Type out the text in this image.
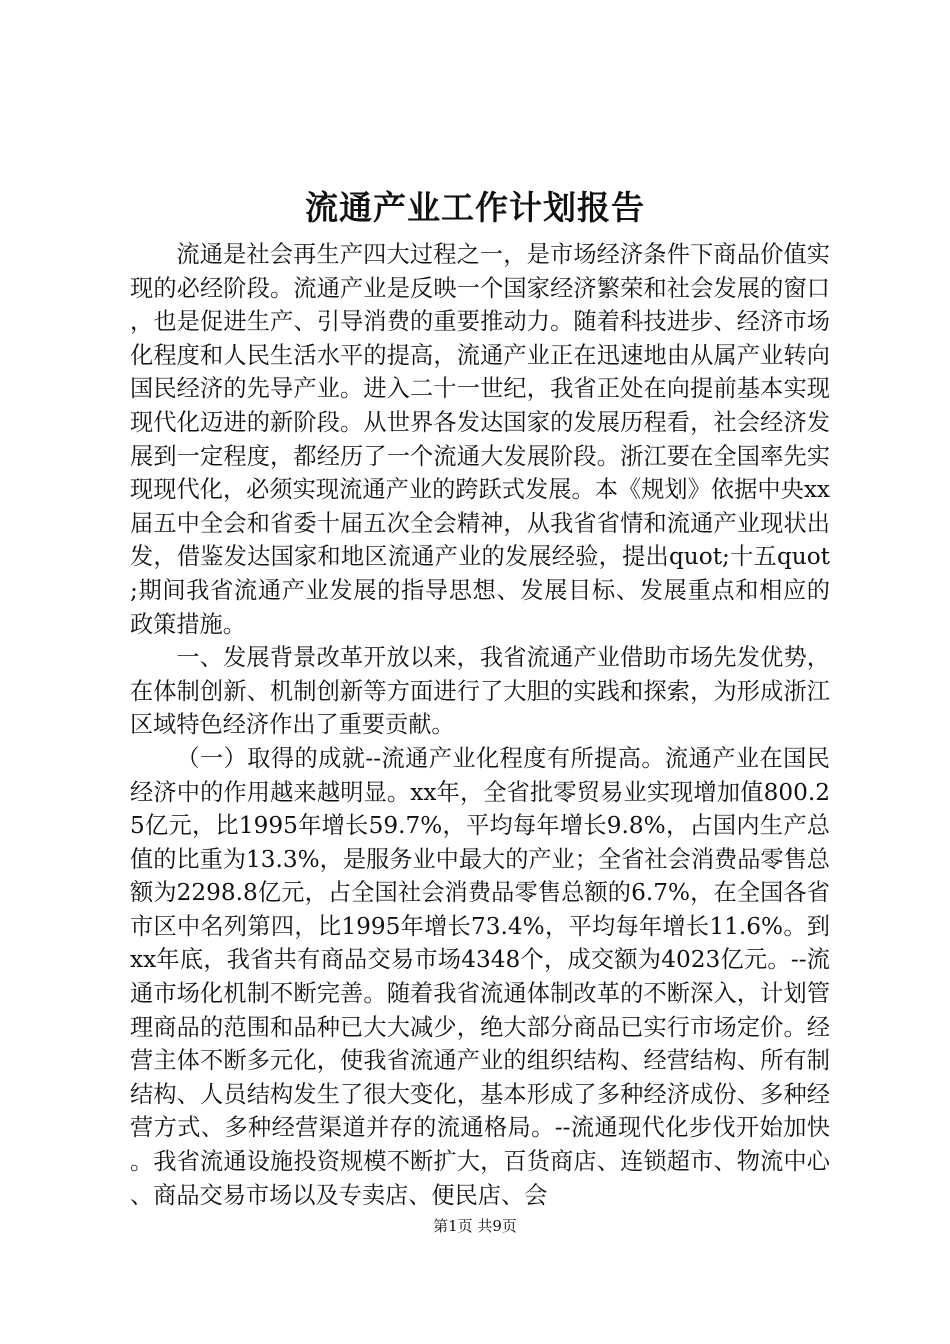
流通产业工作计划报告

流通是社会再生产四大过程之一，是市场经济条件下商品价值实现的必经阶段。流通产业是反映一个国家经济繁荣和社会发展的窗口，也是促进生产、引导消费的重要推动力。随着科技进步、经济市场化程度和人民生活水平的提高，流通产业正在迅速地由从属产业转向国民经济的先导产业。进入二十一世纪，我省正处在向提前基本实现现代化迈进的新阶段。从世界各发达国家的发展历程看，社会经济发展到一定程度，都经历了一个流通大发展阶段。浙江要在全国率先实现现代化，必须实现流通产业的跨跃式发展。本《规划》依据中央xx届五中全会和省委十届五次全会精神，从我省省情和流通产业现状出发，借鉴发达国家和地区流通产业的发展经验，提出quot;十五quot;期间我省流通产业发展的指导思想、发展目标、发展重点和相应的政策措施。

一、发展背景改革开放以来，我省流通产业借助市场先发优势，在体制创新、机制创新等方面进行了大胆的实践和探索，为形成浙江区域特色经济作出了重要贡献。

（一）取得的成就--流通产业化程度有所提高。流通产业在国民经济中的作用越来越明显。xx年，全省批零贸易业实现增加值800.25亿元，比1995年增长59.7%，平均每年增长9.8%，占国内生产总值的比重为13.3%，是服务业中最大的产业；全省社会消费品零售总额为2298.8亿元，占全国社会消费品零售总额的6.7%，在全国各省市区中名列第四，比1995年增长73.4%，平均每年增长11.6%。到xx年底，我省共有商品交易市场4348个，成交额为4023亿元。--流通市场化机制不断完善。随着我省流通体制改革的不断深入，计划管理商品的范围和品种已大大减少，绝大部分商品已实行市场定价。经营主体不断多元化，使我省流通产业的组织结构、经营结构、所有制结构、人员结构发生了很大变化，基本形成了多种经济成份、多种经营方式、多种经营渠道并存的流通格局。--流通现代化步伐开始加快。我省流通设施投资规模不断扩大，百货商店、连锁超市、物流中心、商品交易市场以及专卖店、便民店、会

第1页 共9页
